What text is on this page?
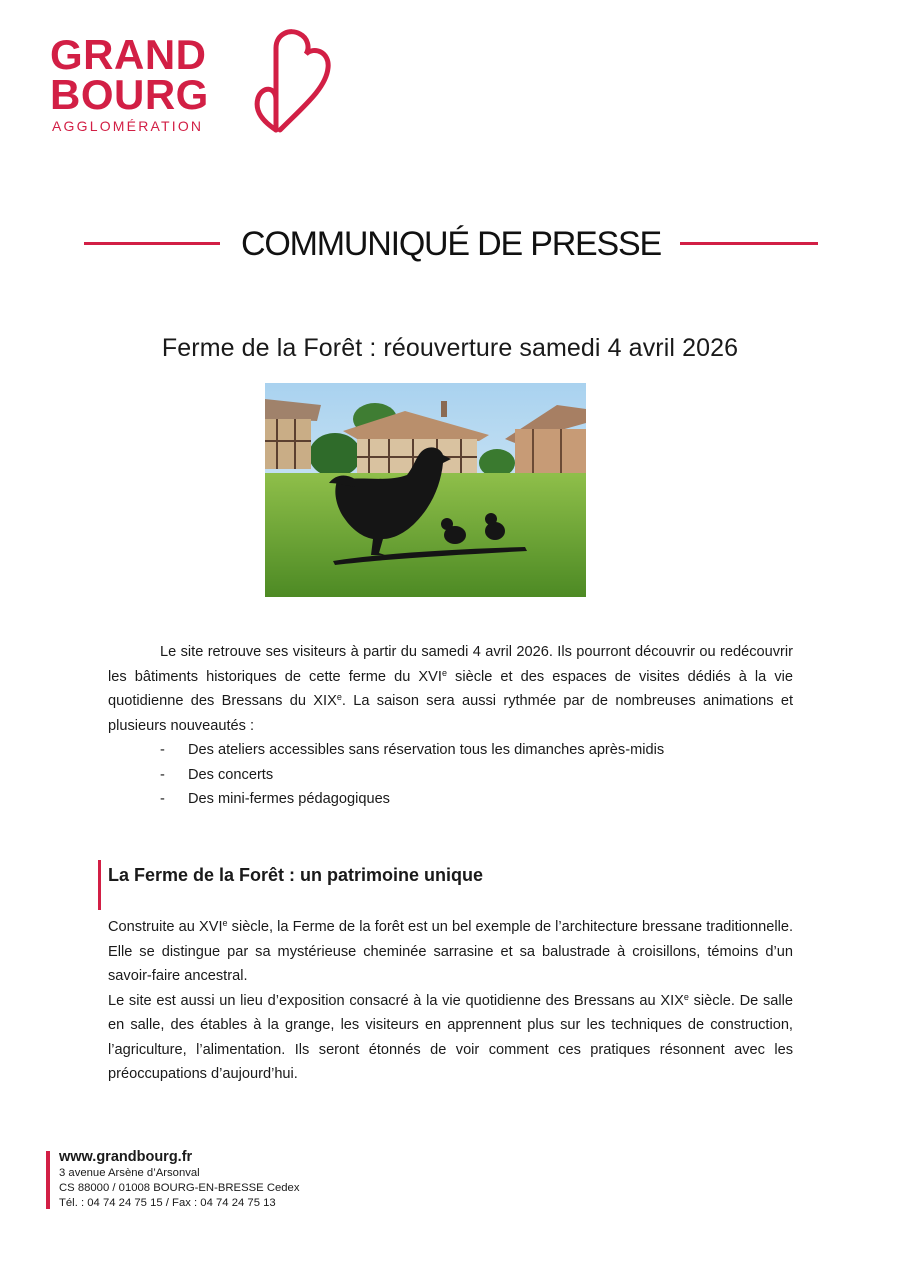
GRAND
BOURG
AGGLOMÉRATION
COMMUNIQUÉ DE PRESSE
Ferme de la Forêt : réouverture samedi 4 avril 2026

Le site retrouve ses visiteurs à partir du samedi 4 avril 2026. Ils pourront découvrir ou redécouvrir les bâtiments historiques de cette ferme du XVIe siècle et des espaces de visites dédiés à la vie quotidienne des Bressans du XIXe. La saison sera aussi rythmée par de nombreuses animations et plusieurs nouveautés :

- Des ateliers accessibles sans réservation tous les dimanches après-midis
- Des concerts
- Des mini-fermes pédagogiques
La Ferme de la Forêt : un patrimoine unique

Construite au XVIe siècle, la Ferme de la forêt est un bel exemple de l’architecture bressane traditionnelle. Elle se distingue par sa mystérieuse cheminée sarrasine et sa balustrade à croisillons, témoins d’un savoir-faire ancestral.

Le site est aussi un lieu d’exposition consacré à la vie quotidienne des Bressans au XIXe siècle. De salle en salle, des étables à la grange, les visiteurs en apprennent plus sur les techniques de construction, l’agriculture, l’alimentation. Ils seront étonnés de voir comment ces pratiques résonnent avec les préoccupations d’aujourd’hui.

www.grandbourg.fr
3 avenue Arsène d’Arsonval
CS 88000 / 01008 BOURG-EN-BRESSE Cedex
Tél. : 04 74 24 75 15 / Fax : 04 74 24 75 13
